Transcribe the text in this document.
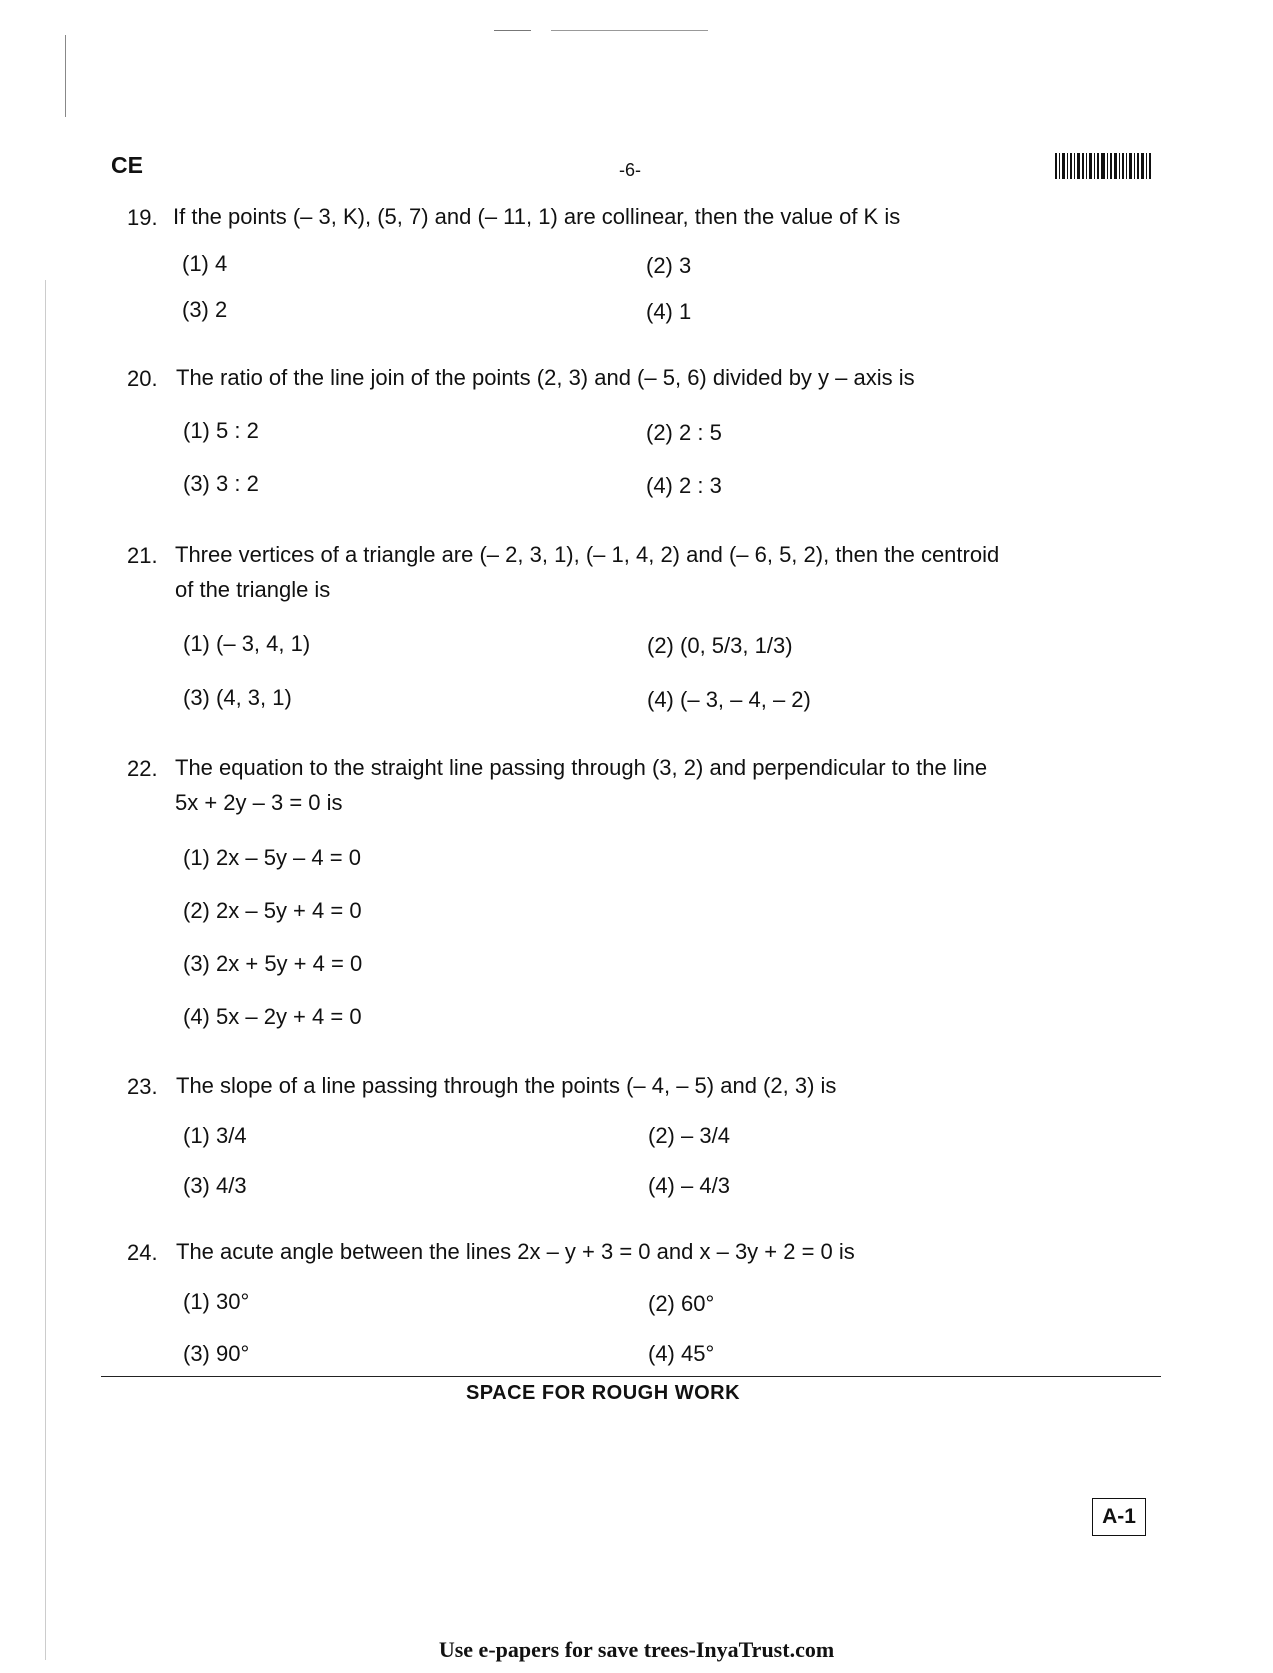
CE	-6-
19. If the points (– 3, K), (5, 7) and (– 11, 1) are collinear, then the value of K is
(1) 4	(2) 3
(3) 2	(4) 1
20. The ratio of the line join of the points (2, 3) and (– 5, 6) divided by y – axis is
(1) 5 : 2	(2) 2 : 5
(3) 3 : 2	(4) 2 : 3
21. Three vertices of a triangle are (– 2, 3, 1), (– 1, 4, 2) and (– 6, 5, 2), then the centroid
of the triangle is
(1) (– 3, 4, 1)	(2) (0, 5/3, 1/3)
(3) (4, 3, 1)	(4) (– 3, – 4, – 2)
22. The equation to the straight line passing through (3, 2) and perpendicular to the line
5x + 2y – 3 = 0 is
(1) 2x – 5y – 4 = 0
(2) 2x – 5y + 4 = 0
(3) 2x + 5y + 4 = 0
(4) 5x – 2y + 4 = 0
23. The slope of a line passing through the points (– 4, – 5) and (2, 3) is
(1) 3/4	(2) – 3/4
(3) 4/3	(4) – 4/3
24. The acute angle between the lines 2x – y + 3 = 0 and x – 3y + 2 = 0 is
(1) 30°	(2) 60°
(3) 90°	(4) 45°
SPACE FOR ROUGH WORK
A-1
Use e-papers for save trees-InyaTrust.com
